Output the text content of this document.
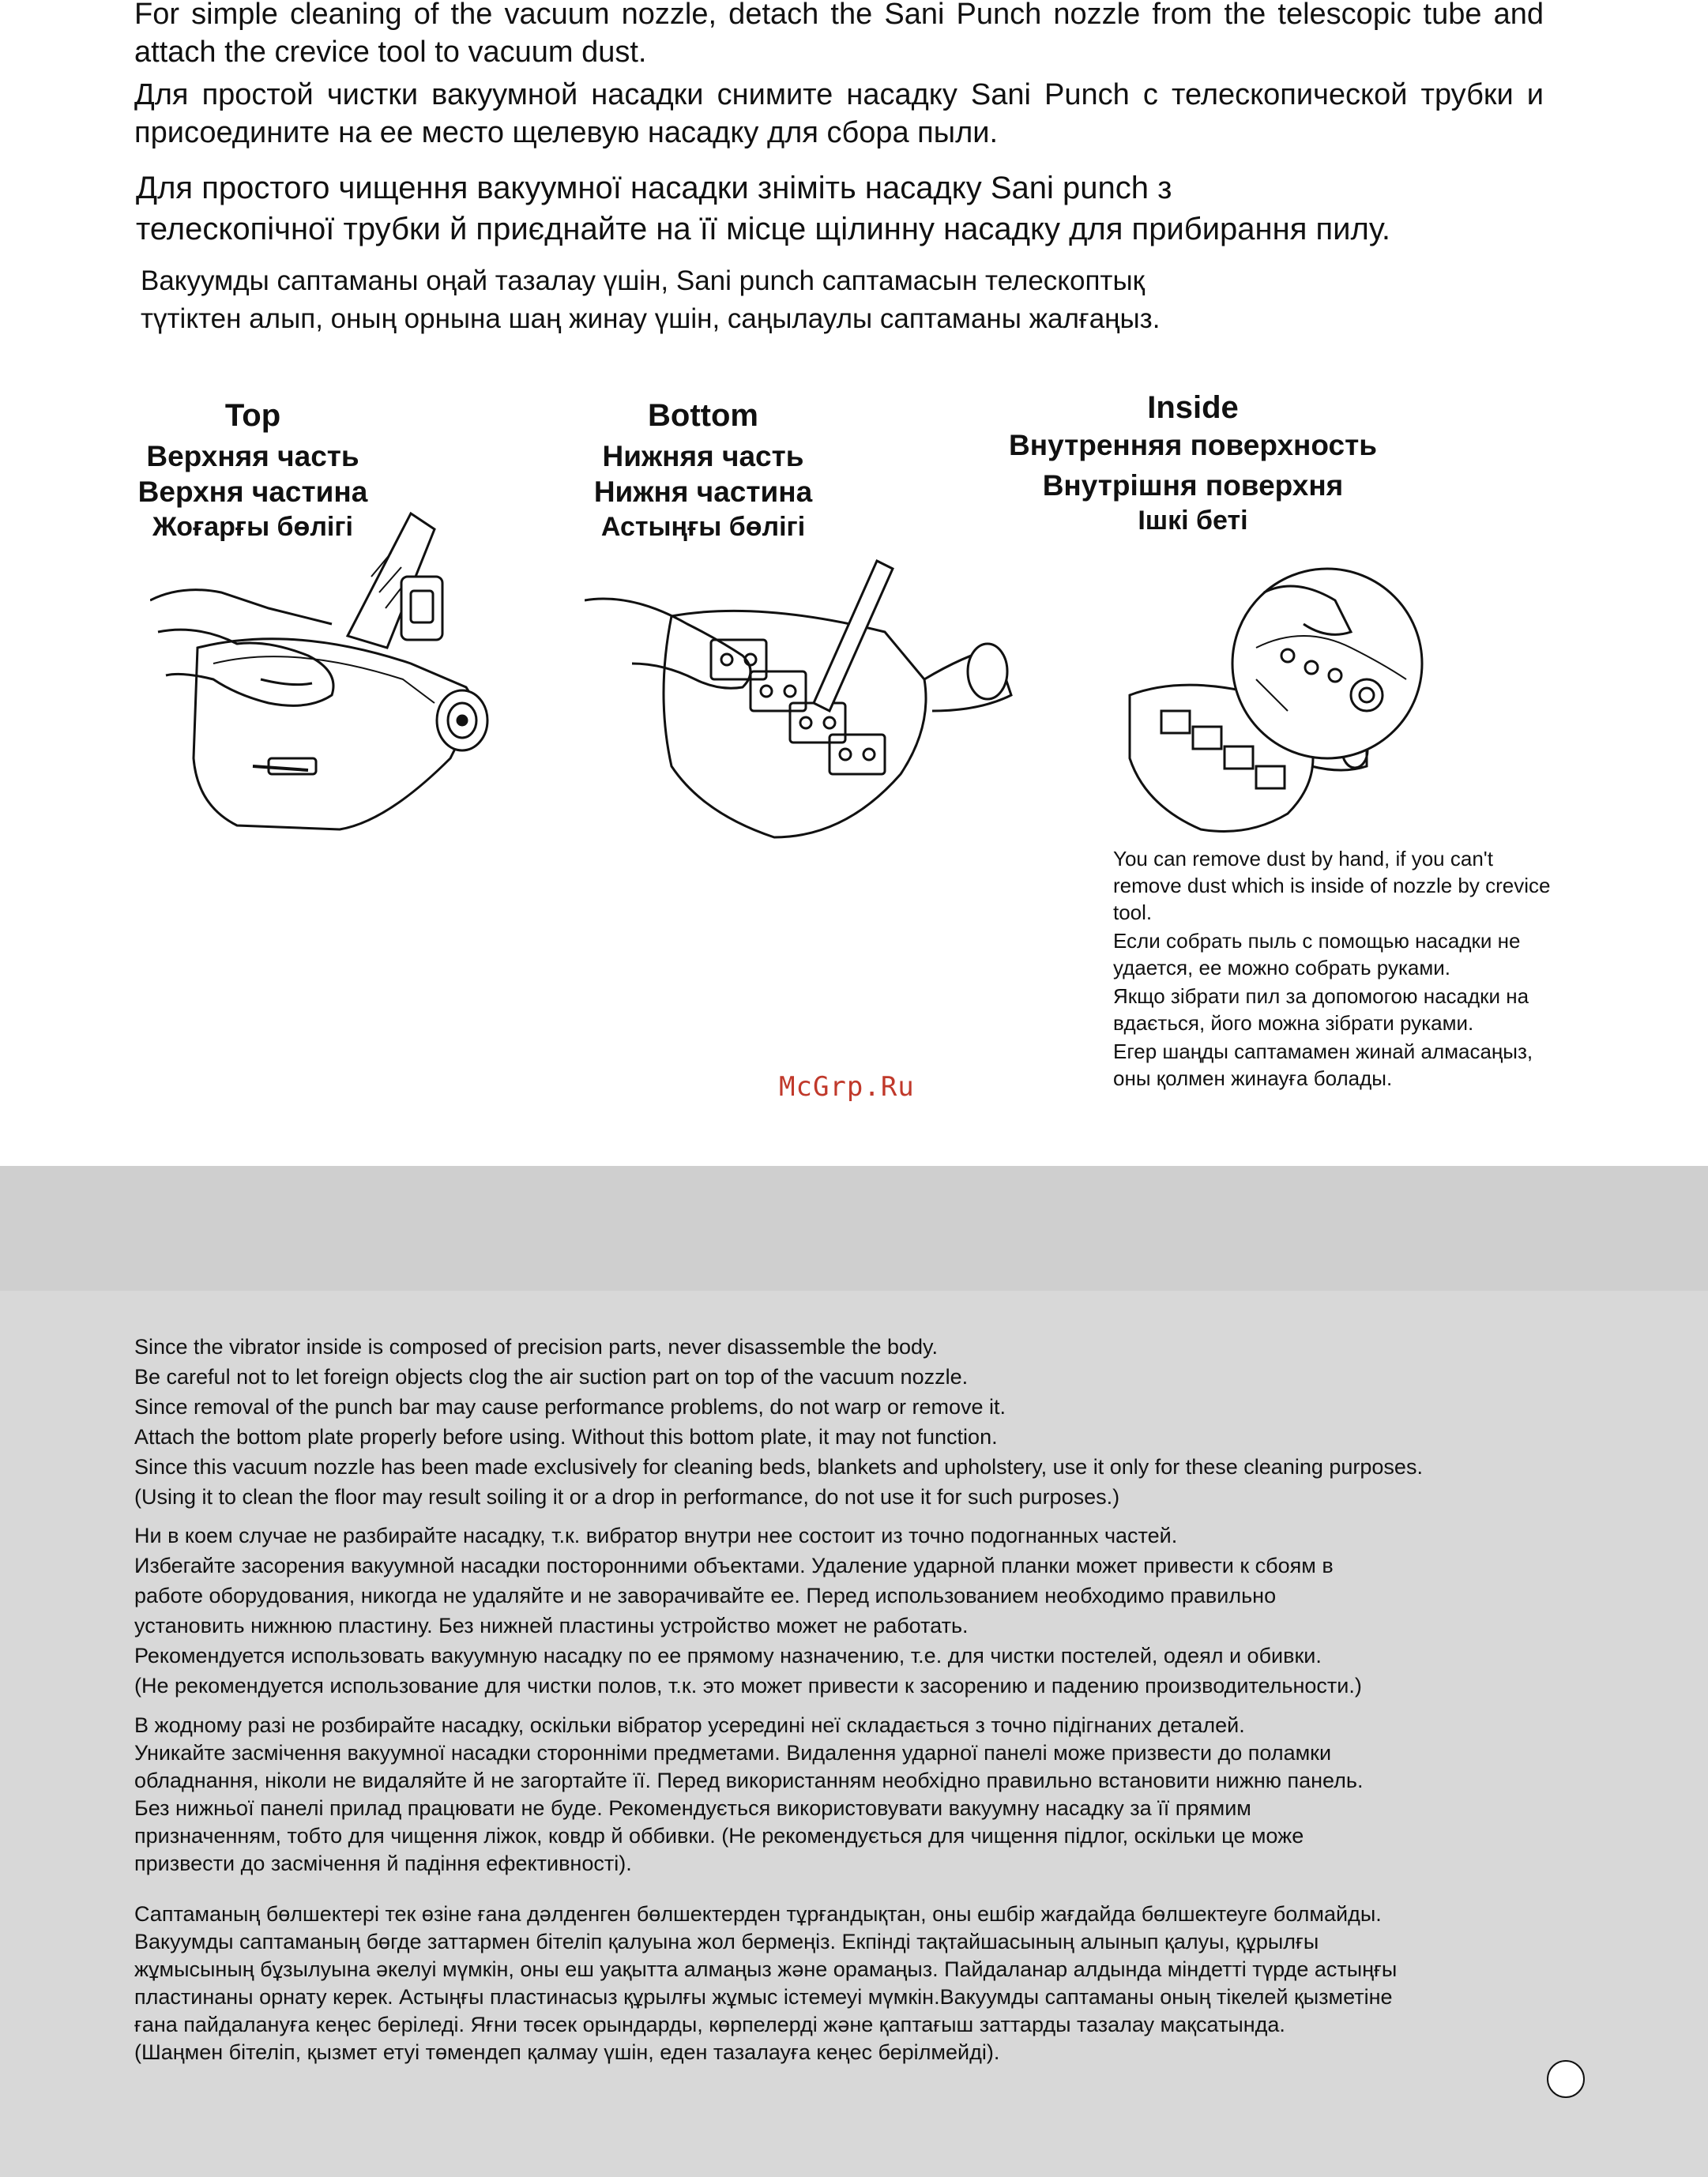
For simple cleaning of the vacuum nozzle, detach the Sani Punch nozzle from the telescopic tube and attach the crevice tool to vacuum dust.
Для простой чистки вакуумной насадки снимите насадку Sani Punch с телескопической трубки и присоедините на ее место щелевую насадку для сбора пыли.
Для простого чищення вакуумної насадки зніміть насадку Sani punch з
телескопічної трубки й приєднайте на її місце щілинну насадку для прибирання пилу.
Вакуумды саптаманы оңай тазалау үшін, Sani punch саптамасын телескоптық
түтіктен алып, оның орнына шаң жинау үшін, саңылаулы саптаманы жалғаңыз.
Top
Верхняя часть
Верхня частина
Жоғарғы бөлігі
Bottom
Нижняя часть
Нижня частина
Астыңғы бөлігі
Inside
Внутренняя поверхность
Внутрішня поверхня
Ішкі беті

You can remove dust by hand, if you can't remove dust which is inside of nozzle by crevice tool.

Если собрать пыль с помощью насадки не удается, ее можно собрать руками.

Якщо зібрати пил за допомогою насадки на вдається, його можна зібрати руками.

Егер шаңды саптамамен жинай алмасаңыз, оны қолмен жинауға болады.

McGrp.Ru
Since the vibrator inside is composed of precision parts, never disassemble the body.
Be careful not to let foreign objects clog the air suction part on top of the vacuum nozzle.
Since removal of the punch bar may cause performance problems, do not warp or remove it.
Attach the bottom plate properly before using. Without this bottom plate, it may not function.
Since this vacuum nozzle has been made exclusively for cleaning beds, blankets and upholstery, use it only for these cleaning purposes.
(Using it to clean the floor may result soiling it or a drop in performance, do not use it for such purposes.)
Ни в коем случае не разбирайте насадку, т.к. вибратор внутри нее состоит из точно подогнанных частей.
Избегайте засорения вакуумной насадки посторонними объектами. Удаление ударной планки может привести к сбоям в
работе оборудования, никогда не удаляйте и не заворачивайте ее. Перед использованием необходимо правильно
установить нижнюю пластину. Без нижней пластины устройство может не работать.
Рекомендуется использовать вакуумную насадку по ее прямому назначению, т.е. для чистки постелей, одеял и обивки.
(Не рекомендуется использование для чистки полов, т.к. это может привести к засорению и падению производительности.)
В жодному разі не розбирайте насадку, оскільки вібратор усередині неї складається з точно підігнаних деталей.
Уникайте засмічення вакуумної насадки сторонніми предметами. Видалення ударної панелі може призвести до поламки
обладнання, ніколи не видаляйте й не загортайте її. Перед використанням необхідно правильно встановити нижню панель.
Без нижньої панелі прилад працювати не буде. Рекомендується використовувати вакуумну насадку за її прямим
призначенням, тобто для чищення ліжок, ковдр й оббивки. (Не рекомендується для чищення підлог, оскільки це може
призвести до засмічення й падіння ефективності).
Саптаманың бөлшектері тек өзіне ғана дәлденген бөлшектерден тұрғандықтан, оны ешбір жағдайда бөлшектеуге болмайды.
Вакуумды саптаманың бөгде заттармен бітеліп қалуына жол бермеңіз. Екпінді тақтайшасының алынып қалуы, құрылғы
жұмысының бұзылуына әкелуі мүмкін, оны еш уақытта алмаңыз және орамаңыз. Пайдаланар алдында міндетті түрде астыңғы
пластинаны орнату керек. Астыңғы пластинасыз құрылғы жұмыс істемеуі мүмкін.Вакуумды саптаманы оның тікелей қызметіне
ғана пайдалануға кеңес беріледі. Яғни төсек орындарды, көрпелерді және қаптағыш заттарды тазалау мақсатында.
(Шаңмен бітеліп, қызмет етуі төмендеп қалмау үшін, еден тазалауға кеңес берілмейді).
